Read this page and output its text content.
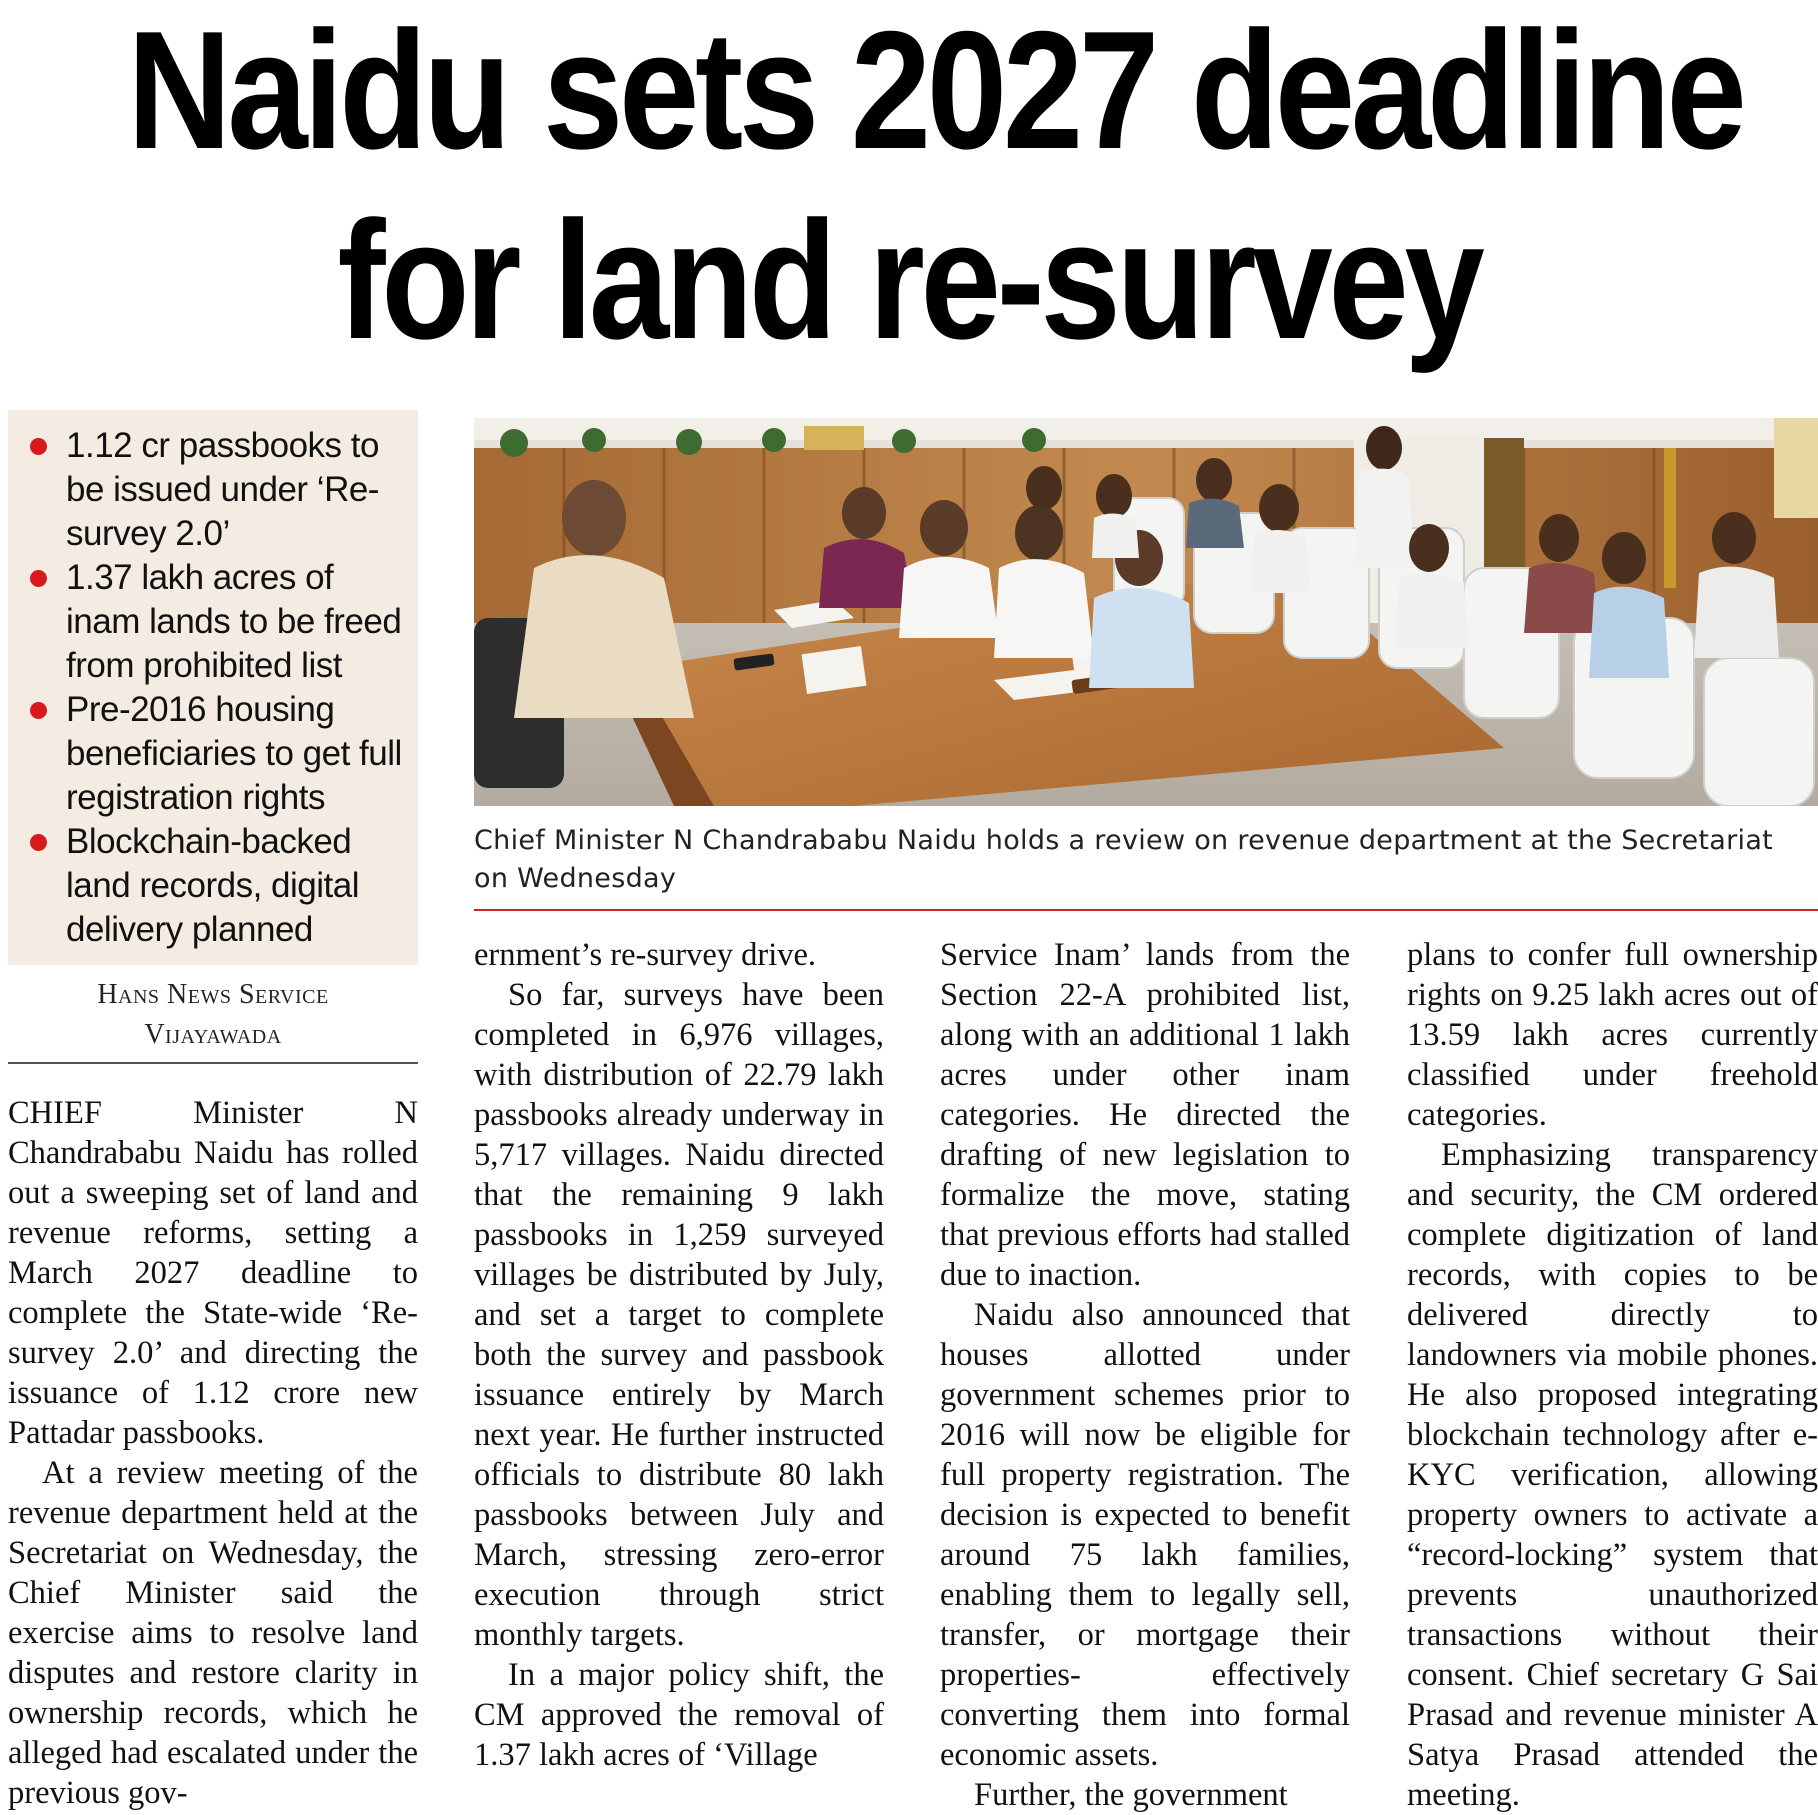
Naidu sets 2027 deadline
for land re-survey
1.12 cr passbooks to be issued under ‘Re-survey 2.0’
1.37 lakh acres of inam lands to be freed from prohibited list
Pre-2016 housing beneficiaries to get full registration rights
Blockchain-backed land records, digital delivery planned
Hans News Service
Vijayawada
Chief Minister N Chandrababu Naidu holds a review on revenue department at the Secretariat on Wednesday

CHIEF Minister N Chandrababu Naidu has rolled out a sweeping set of land and revenue reforms, setting a March 2027 deadline to complete the State-wide ‘Re-survey 2.0’ and directing the issuance of 1.12 crore new Pattadar passbooks.

At a review meeting of the revenue department held at the Secretariat on Wednesday, the Chief Minister said the exercise aims to resolve land disputes and restore clarity in ownership records, which he alleged had escalated under the previous gov-

ernment’s re-survey drive.

So far, surveys have been completed in 6,976 villages, with distribution of 22.79 lakh passbooks already underway in 5,717 villages. Naidu directed that the remaining 9 lakh passbooks in 1,259 surveyed villages be distributed by July, and set a target to complete both the survey and passbook issuance entirely by March next year. He further instructed officials to distribute 80 lakh passbooks between July and March, stressing zero-error execution through strict monthly targets.

In a major policy shift, the CM approved the removal of 1.37 lakh acres of ‘Village

Service Inam’ lands from the Section 22-A prohibited list, along with an additional 1 lakh acres under other inam categories. He directed the drafting of new legislation to formalize the move, stating that previous efforts had stalled due to inaction.

Naidu also announced that houses allotted under government schemes prior to 2016 will now be eligible for full property registration. The decision is expected to benefit around 75 lakh families, enabling them to legally sell, transfer, or mortgage their properties- effectively converting them into formal economic assets.

Further, the government

plans to confer full ownership rights on 9.25 lakh acres out of 13.59 lakh acres currently classified under freehold categories.

Emphasizing transparency and security, the CM ordered complete digitization of land records, with copies to be delivered directly to landowners via mobile phones. He also proposed integrating blockchain technology after e-KYC verification, allowing property owners to activate a “record-locking” system that prevents unauthorized transactions without their consent. Chief secretary G Sai Prasad and revenue minister A Satya Prasad attended the meeting.
